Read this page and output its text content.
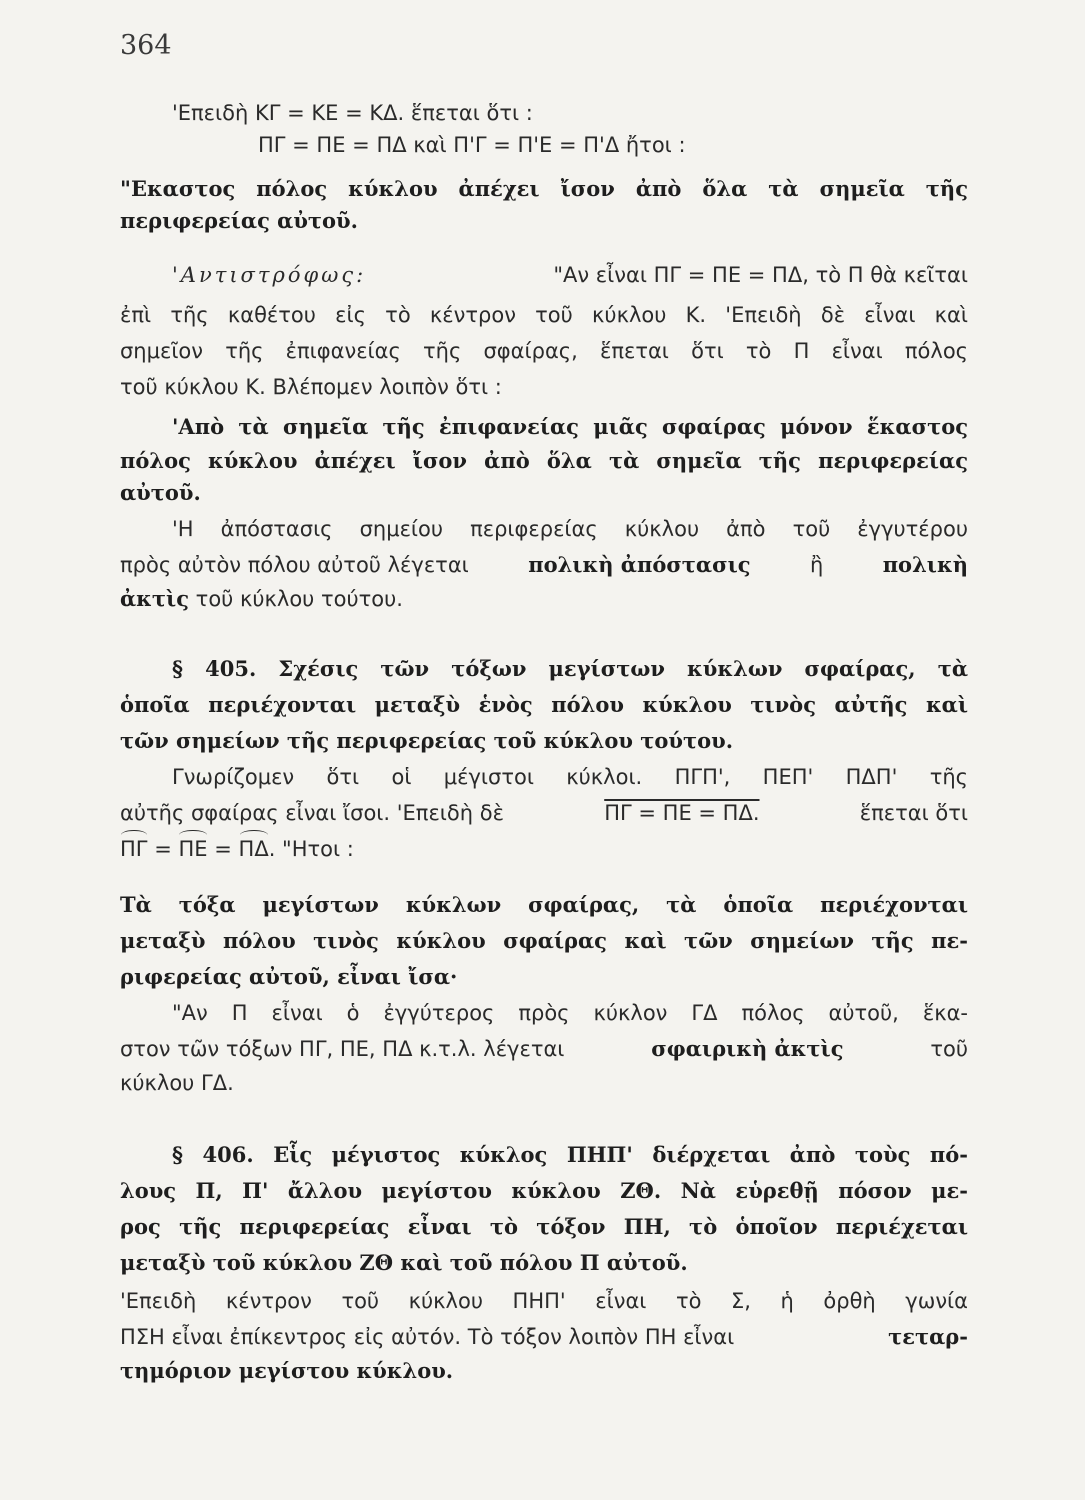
364
'Επειδὴ ΚΓ = ΚΕ = ΚΔ. ἕπεται ὅτι :
ΠΓ = ΠΕ = ΠΔ καὶ Π'Γ = Π'Ε = Π'Δ ἤτοι :
"Εκαστος πόλος κύκλου ἀπέχει ἴσον ἀπὸ ὅλα τὰ σημεῖα τῆς
περιφερείας αὐτοῦ.
'Αντιστρόφως:	"Αν εἶναι ΠΓ = ΠΕ = ΠΔ, τὸ Π θὰ κεῖται
ἐπὶ τῆς καθέτου εἰς τὸ κέντρον τοῦ κύκλου Κ. 'Επειδὴ δὲ εἶναι καὶ
σημεῖον τῆς ἐπιφανείας τῆς σφαίρας, ἕπεται ὅτι τὸ Π εἶναι πόλος
τοῦ κύκλου Κ. Βλέπομεν λοιπὸν ὅτι :
'Απὸ τὰ σημεῖα τῆς ἐπιφανείας μιᾶς σφαίρας μόνον ἕκαστος
πόλος κύκλου ἀπέχει ἴσον ἀπὸ ὅλα τὰ σημεῖα τῆς περιφερείας
αὐτοῦ.
'Η ἀπόστασις σημείου περιφερείας κύκλου ἀπὸ τοῦ ἐγγυτέρου
πρὸς αὐτὸν πόλου αὐτοῦ λέγεται	πολικὴ ἀπόστασις	ἢ	πολικὴ
ἀκτὶς τοῦ κύκλου τούτου.
§ 405. Σχέσις τῶν τόξων μεγίστων κύκλων σφαίρας, τὰ
ὁποῖα περιέχονται μεταξὺ ἑνὸς πόλου κύκλου τινὸς αὐτῆς καὶ
τῶν σημείων τῆς περιφερείας τοῦ κύκλου τούτου.
Γνωρίζομεν ὅτι οἱ μέγιστοι κύκλοι. ΠΓΠ', ΠΕΠ' ΠΔΠ' τῆς
αὐτῆς σφαίρας εἶναι ἴσοι. 'Επειδὴ δὲ	ΠΓ = ΠΕ = ΠΔ.	ἕπεται ὅτι
ΠΓ = ΠΕ = ΠΔ. "Ητοι :
Τὰ τόξα μεγίστων κύκλων σφαίρας, τὰ ὁποῖα περιέχονται
μεταξὺ πόλου τινὸς κύκλου σφαίρας καὶ τῶν σημείων τῆς πε-
ριφερείας αὐτοῦ, εἶναι ἴσα·
"Αν Π εἶναι ὁ ἐγγύτερος πρὸς κύκλον ΓΔ πόλος αὐτοῦ, ἕκα-
στον τῶν τόξων ΠΓ, ΠΕ, ΠΔ κ.τ.λ. λέγεται	σφαιρικὴ ἀκτὶς	τοῦ
κύκλου ΓΔ.
§ 406. Εἷς μέγιστος κύκλος ΠΗΠ' διέρχεται ἀπὸ τοὺς πό-
λους Π, Π' ἄλλου μεγίστου κύκλου ΖΘ. Νὰ εὑρεθῇ πόσον με-
ρος τῆς περιφερείας εἶναι τὸ τόξον ΠΗ, τὸ ὁποῖον περιέχεται
μεταξὺ τοῦ κύκλου ΖΘ καὶ τοῦ πόλου Π αὐτοῦ.
'Επειδὴ κέντρον τοῦ κύκλου ΠΗΠ' εἶναι τὸ Σ, ἡ ὀρθὴ γωνία
ΠΣΗ εἶναι ἐπίκεντρος εἰς αὐτόν. Τὸ τόξον λοιπὸν ΠΗ εἶναι	τεταρ-
τημόριον μεγίστου κύκλου.
